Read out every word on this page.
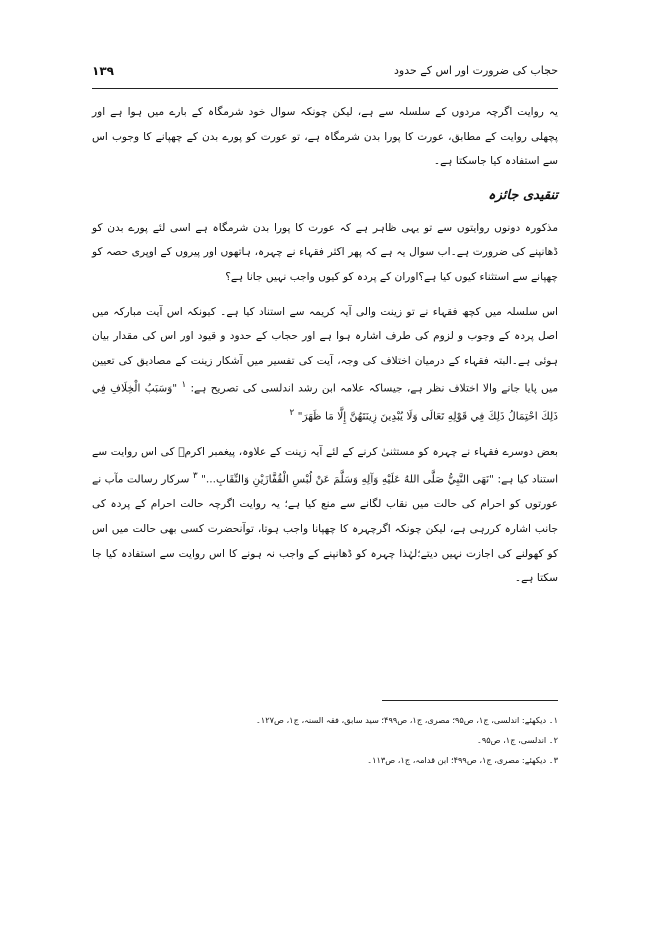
حجاب کی ضرورت اور اس کے حدود
۱۳۹

یہ روایت اگرچہ مردوں کے سلسلہ سے ہے، لیکن چونکہ سوال خود شرمگاہ کے بارے میں ہوا ہے اور پچھلی روایت کے مطابق، عورت کا پورا بدن شرمگاہ ہے، تو عورت کو پورے بدن کے چھپانے کا وجوب اس سے استفادہ کیا جاسکتا ہے۔

تنقیدی جائزہ

مذکورہ دونوں روایتوں سے تو یہی ظاہر ہے کہ عورت کا پورا بدن شرمگاہ ہے اسی لئے پورے بدن کو ڈھانپنے کی ضرورت ہے۔اب سوال یہ ہے کہ پھر اکثر فقہاء نے چہرہ، ہاتھوں اور پیروں کے اوپری حصہ کو چھپانے سے استثناء کیوں کیا ہے؟اوران کے پردہ کو کیوں واجب نہیں جانا ہے؟

اس سلسلہ میں کچھ فقہاء نے تو زینت والی آیہ کریمہ سے استناد کیا ہے۔ کیونکہ اس آیت مبارکہ میں اصل پردہ کے وجوب و لزوم کی طرف اشارہ ہوا ہے اور حجاب کے حدود و قیود اور اس کی مقدار بیان ہوئی ہے۔البتہ فقہاء کے درمیان اختلاف کی وجہ، آیت کی تفسیر میں آشکار زینت کے مصادیق کی تعیین میں پایا جانے والا اختلاف نظر ہے، جیساکہ علامہ ابن رشد اندلسی کی تصریح ہے: $^۱$ "وَسَبَبُ الْخِلَافِ فِي ذَلِكَ احْتِمَالُ ذَلِكَ فِي قَوْلِهِ تَعَالَى وَلَا يُبْدِينَ زِينَتَهُنَّ إِلَّا مَا ظَهَرَ" $^۲$

بعض دوسرے فقہاء نے چہرہ کو مستثنیٰ کرنے کے لئے آیہ زینت کے علاوہ، پیغمبر اکرمؐ کی اس روایت سے استناد کیا ہے: "نَهَى النَّبِيُّ صَلَّى اللهُ عَلَيْهِ وَآلِهِ وَسَلَّمَ عَنْ لُبْسِ الْقُفَّازَيْنِ وَالنِّقَابِ..." $^۳$ سرکار رسالت مآب نے عورتوں کو احرام کی حالت میں نقاب لگانے سے منع کیا ہے؛ یہ روایت اگرچہ حالت احرام کے پردہ کی جانب اشارہ کررہی ہے، لیکن چونکہ اگرچہرہ کا چھپانا واجب ہوتا، توآنحضرت کسی بھی حالت میں اس کو کھولنے کی اجازت نہیں دیتے؛لہٰذا چہرہ کو ڈھانپنے کے واجب نہ ہونے کا اس روایت سے استفادہ کیا جا سکتا ہے۔

۱۔ دیکھئے: اندلسی، ج۱، ص۹۵؛ مصری، ج۱، ص۴۹۹؛ سید سابق، فقہ السنہ، ج۱، ص۱۲۷۔
۲۔ اندلسی، ج۱، ص۹۵۔
۳۔ دیکھئے: مصری، ج۱، ص۴۹۹؛ ابن قدامہ، ج۱، ص۱۱۳۔
